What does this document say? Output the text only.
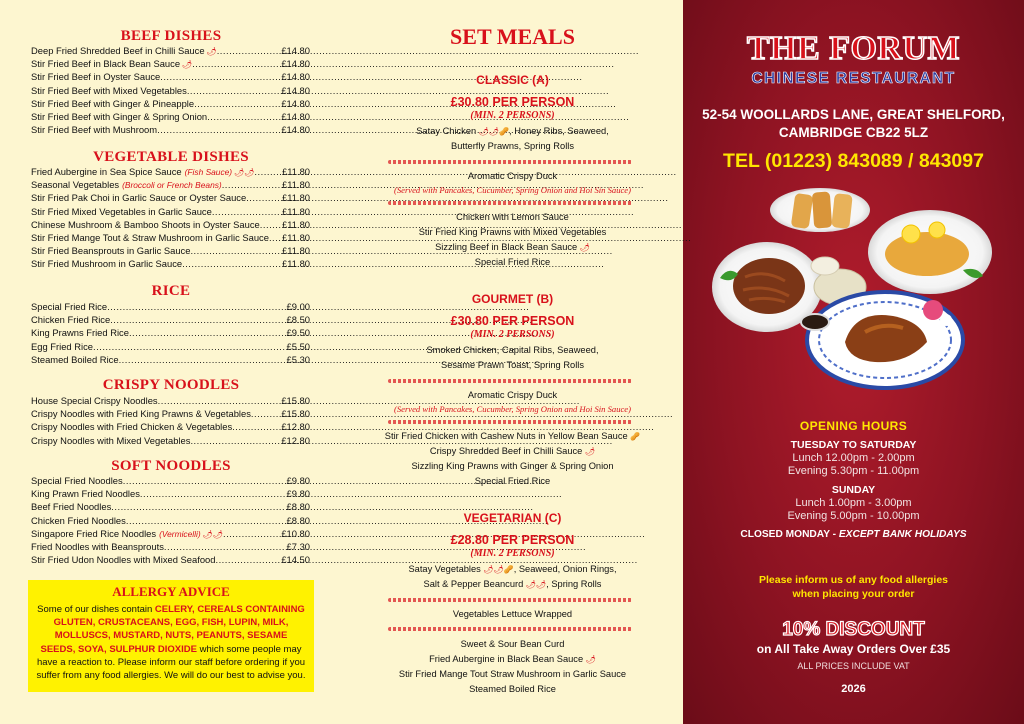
BEEF DISHES
Deep Fried Shredded Beef in Chilli Sauce 🌶 .....	£14.80
Stir Fried Beef in Black Bean Sauce 🌶 .....	£14.80
Stir Fried Beef in Oyster Sauce .....	£14.80
Stir Fried Beef with Mixed Vegetables .....	£14.80
Stir Fried Beef with Ginger & Pineapple .....	£14.80
Stir Fried Beef with Ginger & Spring Onion .....	£14.80
Stir Fried Beef with Mushroom .....	£14.80
VEGETABLE DISHES
Fried Aubergine in Sea Spice Sauce (Fish Sauce) 🌶🌶 .....	£11.80
Seasonal Vegetables (Broccoli or French Beans) .....	£11.80
Stir Fried Pak Choi in Garlic Sauce or Oyster Sauce .....	£11.80
Stir Fried Mixed Vegetables in Garlic Sauce .....	£11.80
Chinese Mushroom & Bamboo Shoots in Oyster Sauce ..... £11.80
Stir Fried Mange Tout & Straw Mushroom in Garlic Sauce ..... £11.80
Stir Fried Beansprouts in Garlic Sauce .....	£11.80
Stir Fried Mushroom in Garlic Sauce .....	£11.80
RICE
Special Fried Rice .....	£9.00
Chicken Fried Rice .....	£8.50
King Prawns Fried Rice .....	£9.50
Egg Fried Rice .....	£5.50
Steamed Boiled Rice .....	£5.30
CRISPY NOODLES
House Special Crispy Noodles .....	£15.80
Crispy Noodles with Fried King Prawns & Vegetables .....	£15.80
Crispy Noodles with Fried Chicken & Vegetables .....	£12.80
Crispy Noodles with Mixed Vegetables .....	£12.80
SOFT NOODLES
Special Fried Noodles .....	£9.80
King Prawn Fried Noodles .....	£9.80
Beef Fried Noodles .....	£8.80
Chicken Fried Noodles .....	£8.80
Singapore Fried Rice Noodles (Vermicelli) 🌶🌶 .....	£10.80
Fried Noodles with Beansprouts .....	£7.30
Stir Fried Udon Noodles with Mixed Seafood .....	£14.50
ALLERGY ADVICE
Some of our dishes contain CELERY, CEREALS CONTAINING GLUTEN, CRUSTACEANS, EGG, FISH, LUPIN, MILK, MOLLUSCS, MUSTARD, NUTS, PEANUTS, SESAME SEEDS, SOYA, SULPHUR DIOXIDE which some people may have a reaction to. Please inform our staff before ordering if you suffer from any food allergies. We will do our best to advise you.
SET MEALS
CLASSIC (A)
£30.80 PER PERSON
(MIN. 2 PERSONS)
Satay Chicken 🌶🌶🥜, Honey Ribs, Seaweed,
Butterfly Prawns, Spring Rolls
Aromatic Crispy Duck
(Served with Pancakes, Cucumber, Spring Onion and Hoi Sin Sauce)
Chicken with Lemon Sauce
Stir Fried King Prawns with Mixed Vegetables
Sizzling Beef in Black Bean Sauce 🌶
Special Fried Rice
GOURMET (B)
£30.80 PER PERSON
(MIN. 2 PERSONS)
Smoked Chicken, Capital Ribs, Seaweed,
Sesame Prawn Toast, Spring Rolls
Aromatic Crispy Duck
(Served with Pancakes, Cucumber, Spring Onion and Hoi Sin Sauce)
Stir Fried Chicken with Cashew Nuts in Yellow Bean Sauce 🥜
Crispy Shredded Beef in Chilli Sauce 🌶
Sizzling King Prawns with Ginger & Spring Onion
Special Fried Rice
VEGETARIAN (C)
£28.80 PER PERSON
(MIN. 2 PERSONS)
Satay Vegetables 🌶🌶🥜, Seaweed, Onion Rings,
Salt & Pepper Beancurd 🌶🌶, Spring Rolls
Vegetables Lettuce Wrapped
Sweet & Sour Bean Curd
Fried Aubergine in Black Bean Sauce 🌶
Stir Fried Mange Tout Straw Mushroom in Garlic Sauce
Steamed Boiled Rice
THE FORUM
CHINESE RESTAURANT
52-54 WOOLLARDS LANE, GREAT SHELFORD,
CAMBRIDGE CB22 5LZ
TEL (01223) 843089 / 843097
OPENING HOURS
TUESDAY TO SATURDAY
Lunch 12.00pm - 2.00pm
Evening 5.30pm - 11.00pm
SUNDAY
Lunch 1.00pm - 3.00pm
Evening 5.00pm - 10.00pm
CLOSED MONDAY - EXCEPT BANK HOLIDAYS
Please inform us of any food allergies
when placing your order
10% DISCOUNT
on All Take Away Orders Over £35
ALL PRICES INCLUDE VAT
2026
